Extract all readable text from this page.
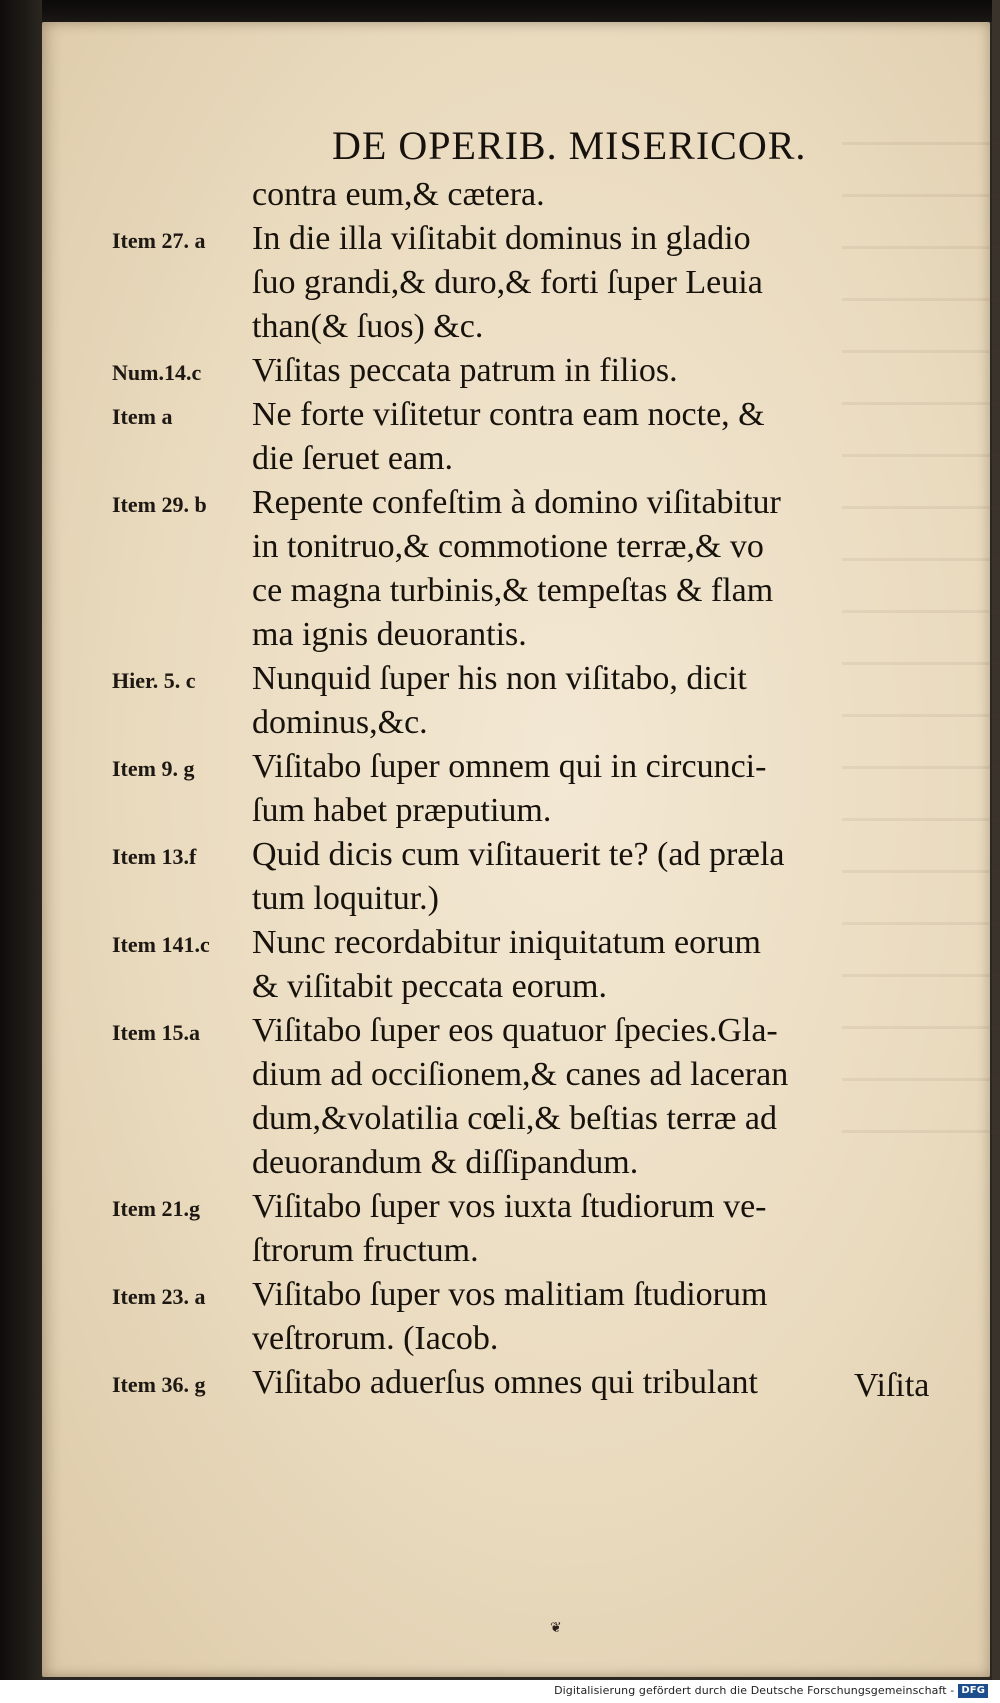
DE OPERIB. MISERICOR.
contra eum,& cætera.
Item 27. a In die illa viſitabit dominus in gladio
ſuo grandi,& duro,& forti ſuper Leuia
than(& ſuos) &c.
Num.14.c Viſitas peccata patrum in filios.
Item a Ne forte viſitetur contra eam nocte, &
die ſeruet eam.
Item 29. b Repente confeſtim à domino viſitabitur
in tonitruo,& commotione terræ,& vo
ce magna turbinis,& tempeſtas & flam
ma ignis deuorantis.
Hier. 5. c Nunquid ſuper his non viſitabo, dicit
dominus,&c.
Item 9. g Viſitabo ſuper omnem qui in circunci-
ſum habet præputium.
Item 13.f Quid dicis cum viſitauerit te? (ad præla
tum loquitur.)
Item 141.c Nunc recordabitur iniquitatum eorum
& viſitabit peccata eorum.
Item 15.a Viſitabo ſuper eos quatuor ſpecies.Gla-
dium ad occiſionem,& canes ad laceran
dum,&volatilia cœli,& beſtias terræ ad
deuorandum & diſſipandum.
Item 21.g Viſitabo ſuper vos iuxta ſtudiorum ve-
ſtrorum fructum.
Item 23. a Viſitabo ſuper vos malitiam ſtudiorum
veſtrorum. (Iacob.
Item 36. g Viſitabo aduerſus omnes qui tribulant	Viſita
❦
Digitalisierung gefördert durch die Deutsche Forschungsgemeinschaft - DFG
